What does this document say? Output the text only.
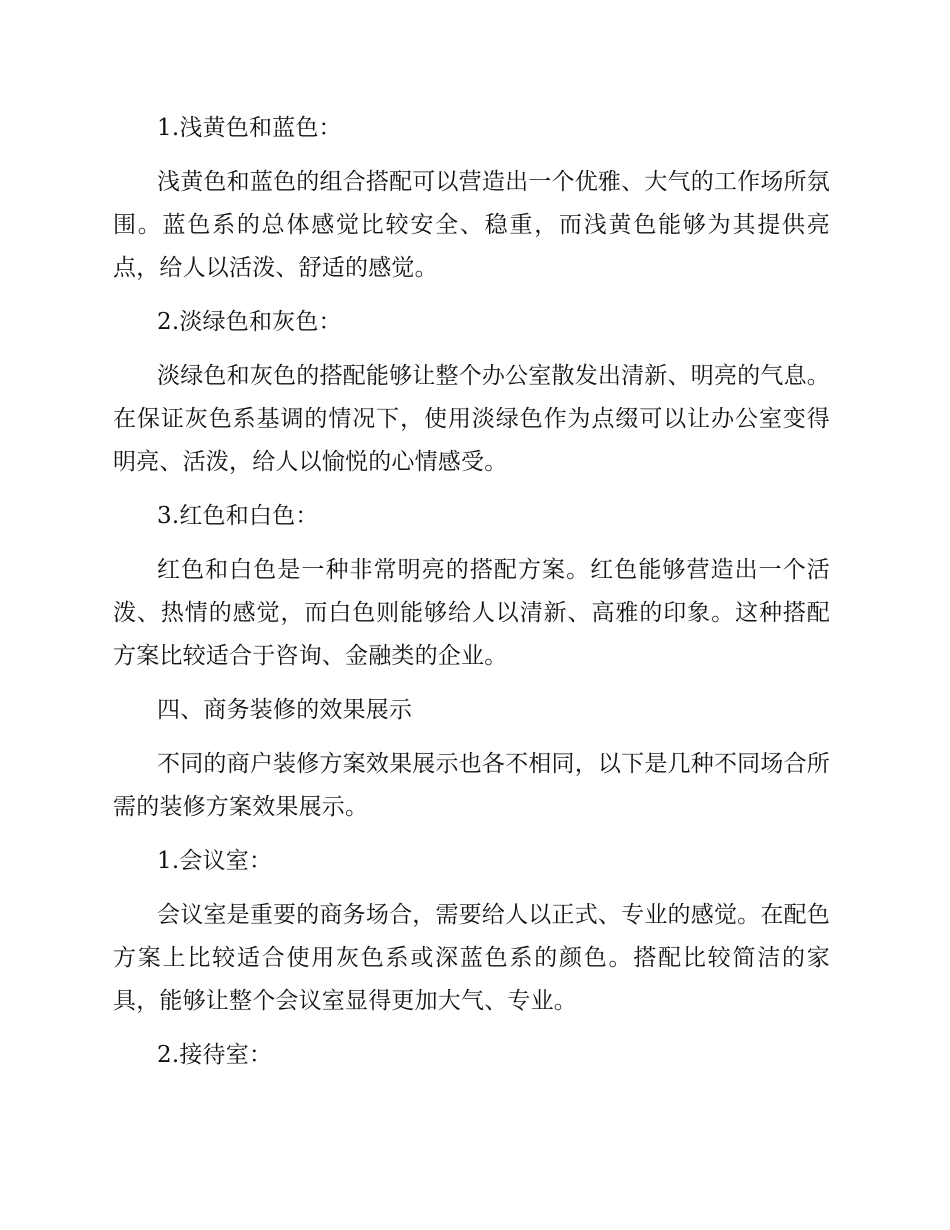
1.浅黄色和蓝色：

浅黄色和蓝色的组合搭配可以营造出一个优雅、大气的工作场所氛围。蓝色系的总体感觉比较安全、稳重，而浅黄色能够为其提供亮点，给人以活泼、舒适的感觉。

2.淡绿色和灰色：

淡绿色和灰色的搭配能够让整个办公室散发出清新、明亮的气息。在保证灰色系基调的情况下，使用淡绿色作为点缀可以让办公室变得明亮、活泼，给人以愉悦的心情感受。

3.红色和白色：

红色和白色是一种非常明亮的搭配方案。红色能够营造出一个活泼、热情的感觉，而白色则能够给人以清新、高雅的印象。这种搭配方案比较适合于咨询、金融类的企业。

四、商务装修的效果展示

不同的商户装修方案效果展示也各不相同，以下是几种不同场合所需的装修方案效果展示。

1.会议室：

会议室是重要的商务场合，需要给人以正式、专业的感觉。在配色方案上比较适合使用灰色系或深蓝色系的颜色。搭配比较简洁的家具，能够让整个会议室显得更加大气、专业。

2.接待室：
